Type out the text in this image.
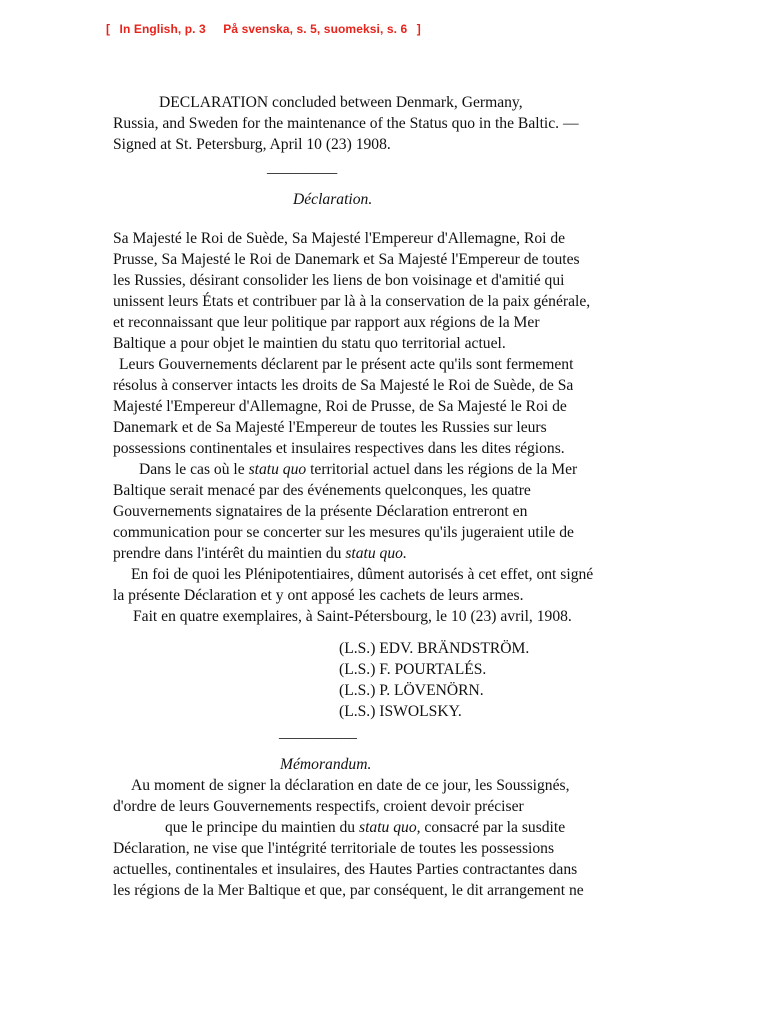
[ In English, p. 3 På svenska, s. 5, suomeksi, s. 6 ]
DECLARATION concluded between Denmark, Germany,
Russia, and Sweden for the maintenance of the Status quo in the Baltic. —
Signed at St. Petersburg, April 10 (23) 1908.
_________
Déclaration.
Sa Majesté le Roi de Suède, Sa Majesté l'Empereur d'Allemagne, Roi de
Prusse, Sa Majesté le Roi de Danemark et Sa Majesté l'Empereur de toutes
les Russies, désirant consolider les liens de bon voisinage et d'amitié qui
unissent leurs États et contribuer par là à la conservation de la paix générale,
et reconnaissant que leur politique par rapport aux régions de la Mer
Baltique a pour objet le maintien du statu quo territorial actuel.
Leurs Gouvernements déclarent par le présent acte qu'ils sont fermement
résolus à conserver intacts les droits de Sa Majesté le Roi de Suède, de Sa
Majesté l'Empereur d'Allemagne, Roi de Prusse, de Sa Majesté le Roi de
Danemark et de Sa Majesté l'Empereur de toutes les Russies sur leurs
possessions continentales et insulaires respectives dans les dites régions.
Dans le cas où le statu quo territorial actuel dans les régions de la Mer
Baltique serait menacé par des événements quelconques, les quatre
Gouvernements signataires de la présente Déclaration entreront en
communication pour se concerter sur les mesures qu'ils jugeraient utile de
prendre dans l'intérêt du maintien du statu quo.
En foi de quoi les Plénipotentiaires, dûment autorisés à cet effet, ont signé
la présente Déclaration et y ont apposé les cachets de leurs armes.
Fait en quatre exemplaires, à Saint-Pétersbourg, le 10 (23) avril, 1908.
(L.S.) EDV. BRÄNDSTRÖM.
(L.S.) F. POURTALÉS.
(L.S.) P. LÖVENÖRN.
(L.S.) ISWOLSKY.
__________
Mémorandum.
Au moment de signer la déclaration en date de ce jour, les Soussignés,
d'ordre de leurs Gouvernements respectifs, croient devoir préciser
que le principe du maintien du statu quo, consacré par la susdite
Déclaration, ne vise que l'intégrité territoriale de toutes les possessions
actuelles, continentales et insulaires, des Hautes Parties contractantes dans
les régions de la Mer Baltique et que, par conséquent, le dit arrangement ne
